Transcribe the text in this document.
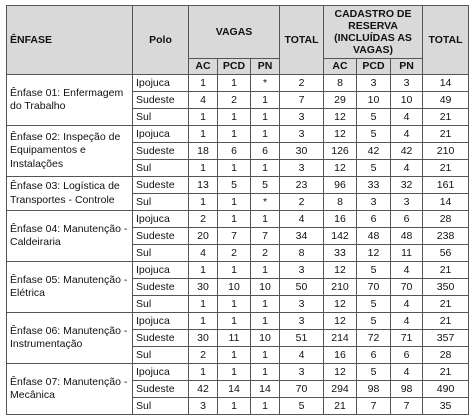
ÊNFASE	Polo	VAGAS			TOTAL	CADASTRO DE RESERVA (INCLUÍDAS AS VAGAS)			TOTAL
		AC	PCD	PN		AC	PCD	PN	
Ênfase 01: Enfermagem do Trabalho	Ipojuca	1	1	*	2	8	3	3	14
	Sudeste	4	2	1	7	29	10	10	49
	Sul	1	1	1	3	12	5	4	21
Ênfase 02: Inspeção de Equipamentos e Instalações	Ipojuca	1	1	1	3	12	5	4	21
	Sudeste	18	6	6	30	126	42	42	210
	Sul	1	1	1	3	12	5	4	21
Ênfase 03: Logística de Transportes - Controle	Sudeste	13	5	5	23	96	33	32	161
	Sul	1	1	*	2	8	3	3	14
Ênfase 04: Manutenção - Caldeiraria	Ipojuca	2	1	1	4	16	6	6	28
	Sudeste	20	7	7	34	142	48	48	238
	Sul	4	2	2	8	33	12	11	56
Ênfase 05: Manutenção - Elétrica	Ipojuca	1	1	1	3	12	5	4	21
	Sudeste	30	10	10	50	210	70	70	350
	Sul	1	1	1	3	12	5	4	21
Ênfase 06: Manutenção - Instrumentação	Ipojuca	1	1	1	3	12	5	4	21
	Sudeste	30	11	10	51	214	72	71	357
	Sul	2	1	1	4	16	6	6	28
Ênfase 07: Manutenção - Mecânica	Ipojuca	1	1	1	3	12	5	4	21
	Sudeste	42	14	14	70	294	98	98	490
	Sul	3	1	1	5	21	7	7	35
